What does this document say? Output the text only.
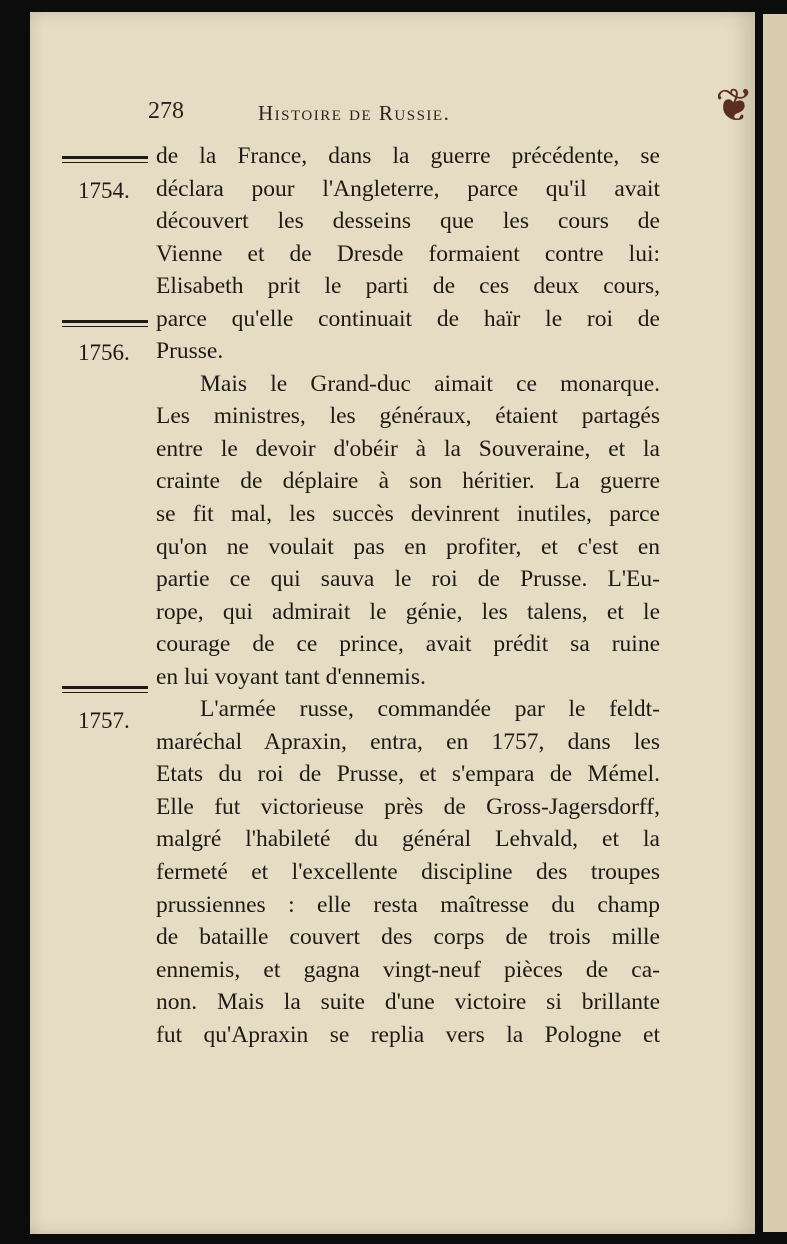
278	Histoire de Russie.	❦
1754.
1756.
1757.
de la France, dans la guerre précédente, se
déclara pour l'Angleterre, parce qu'il avait
découvert les desseins que les cours de
Vienne et de Dresde formaient contre lui:
Elisabeth prit le parti de ces deux cours,
parce qu'elle continuait de haïr le roi de
Prusse.
Mais le Grand-duc aimait ce monarque.
Les ministres, les généraux, étaient partagés
entre le devoir d'obéir à la Souveraine, et la
crainte de déplaire à son héritier. La guerre
se fit mal, les succès devinrent inutiles, parce
qu'on ne voulait pas en profiter, et c'est en
partie ce qui sauva le roi de Prusse. L'Eu-
rope, qui admirait le génie, les talens, et le
courage de ce prince, avait prédit sa ruine
en lui voyant tant d'ennemis.
L'armée russe, commandée par le feldt-
maréchal Apraxin, entra, en 1757, dans les
Etats du roi de Prusse, et s'empara de Mémel.
Elle fut victorieuse près de Gross-Jagersdorff,
malgré l'habileté du général Lehvald, et la
fermeté et l'excellente discipline des troupes
prussiennes : elle resta maîtresse du champ
de bataille couvert des corps de trois mille
ennemis, et gagna vingt-neuf pièces de ca-
non. Mais la suite d'une victoire si brillante
fut qu'Apraxin se replia vers la Pologne et
